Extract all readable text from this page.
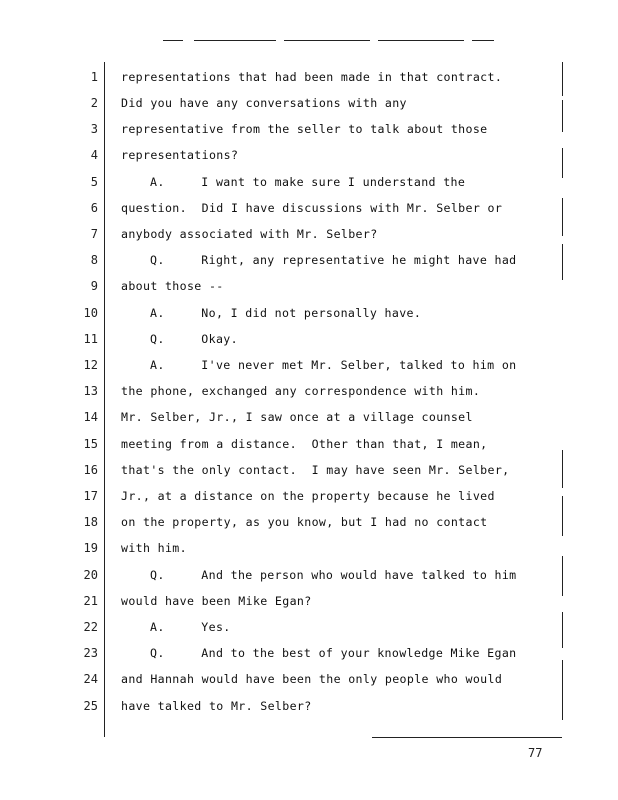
1
2
3
4
5
6
7
8
9
10
11
12
13
14
15
16
17
18
19
20
21
22
23
24
25
representations that had been made in that contract.
Did you have any conversations with any
representative from the seller to talk about those
representations?
A.     I want to make sure I understand the
question.  Did I have discussions with Mr. Selber or
anybody associated with Mr. Selber?
Q.     Right, any representative he might have had
about those --
A.     No, I did not personally have.
Q.     Okay.
A.     I've never met Mr. Selber, talked to him on
the phone, exchanged any correspondence with him.
Mr. Selber, Jr., I saw once at a village counsel
meeting from a distance.  Other than that, I mean,
that's the only contact.  I may have seen Mr. Selber,
Jr., at a distance on the property because he lived
on the property, as you know, but I had no contact
with him.
Q.     And the person who would have talked to him
would have been Mike Egan?
A.     Yes.
Q.     And to the best of your knowledge Mike Egan
and Hannah would have been the only people who would
have talked to Mr. Selber?
77
